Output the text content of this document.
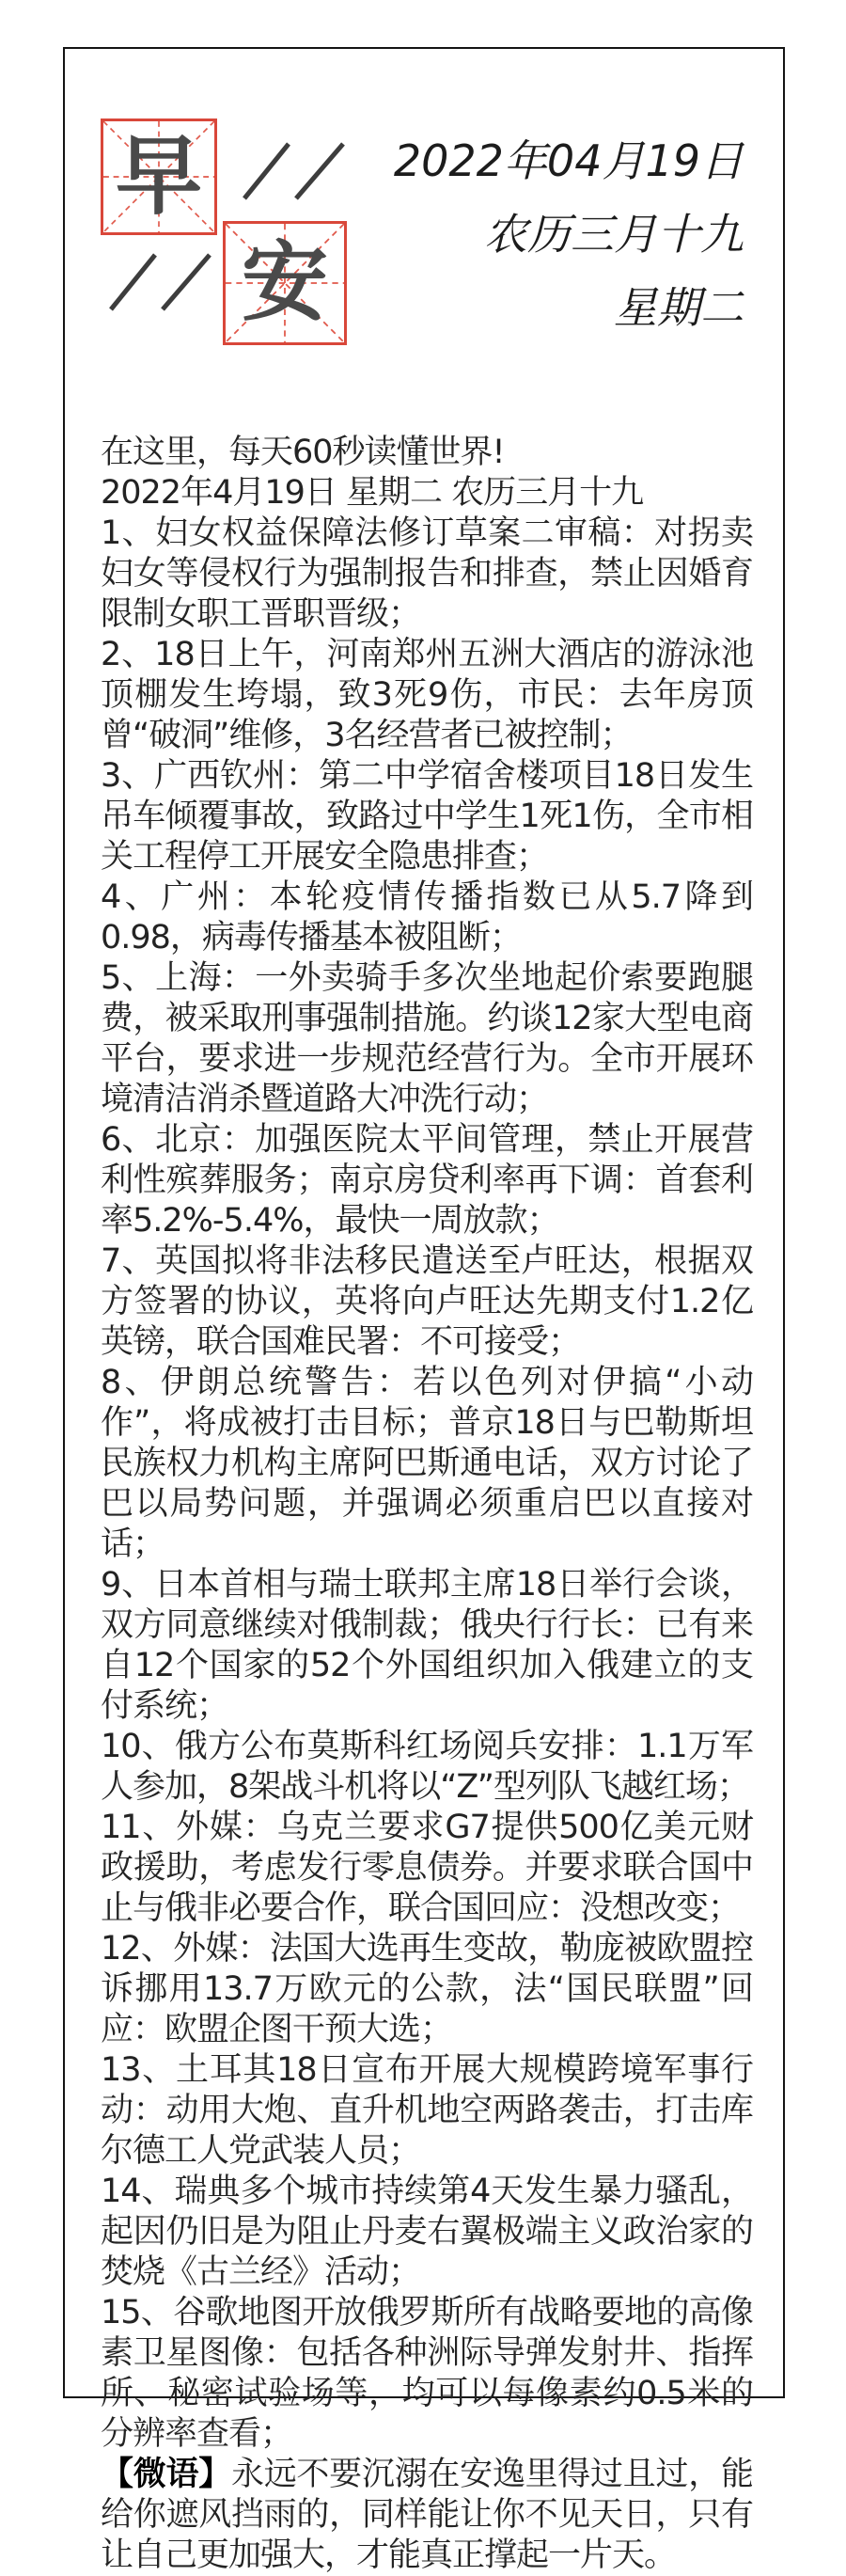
早
安
2022年04月19日
农历三月十九
星期二

在这里，每天60秒读懂世界!

2022年4月19日 星期二 农历三月十九

1、妇女权益保障法修订草案二审稿：对拐卖妇女等侵权行为强制报告和排查，禁止因婚育限制女职工晋职晋级；

2、18日上午，河南郑州五洲大酒店的游泳池顶棚发生垮塌，致3死9伤，市民：去年房顶曾“破洞”维修，3名经营者已被控制；

3、广西钦州：第二中学宿舍楼项目18日发生吊车倾覆事故，致路过中学生1死1伤，全市相关工程停工开展安全隐患排查；

4、广州：本轮疫情传播指数已从5.7降到0.98，病毒传播基本被阻断；

5、上海：一外卖骑手多次坐地起价索要跑腿费，被采取刑事强制措施。约谈12家大型电商平台，要求进一步规范经营行为。全市开展环境清洁消杀暨道路大冲洗行动；

6、北京：加强医院太平间管理，禁止开展营利性殡葬服务；南京房贷利率再下调：首套利率5.2%-5.4%，最快一周放款；

7、英国拟将非法移民遣送至卢旺达，根据双方签署的协议，英将向卢旺达先期支付1.2亿英镑，联合国难民署：不可接受；

8、伊朗总统警告：若以色列对伊搞“小动作”，将成被打击目标；普京18日与巴勒斯坦民族权力机构主席阿巴斯通电话，双方讨论了巴以局势问题，并强调必须重启巴以直接对话；

9、日本首相与瑞士联邦主席18日举行会谈，双方同意继续对俄制裁；俄央行行长：已有来自12个国家的52个外国组织加入俄建立的支付系统；

10、俄方公布莫斯科红场阅兵安排：1.1万军人参加，8架战斗机将以“Z”型列队飞越红场；

11、外媒：乌克兰要求G7提供500亿美元财政援助，考虑发行零息债券。并要求联合国中止与俄非必要合作，联合国回应：没想改变；

12、外媒：法国大选再生变故，勒庞被欧盟控诉挪用13.7万欧元的公款，法“国民联盟”回应：欧盟企图干预大选；

13、土耳其18日宣布开展大规模跨境军事行动：动用大炮、直升机地空两路袭击，打击库尔德工人党武装人员；

14、瑞典多个城市持续第4天发生暴力骚乱，起因仍旧是为阻止丹麦右翼极端主义政治家的焚烧《古兰经》活动；

15、谷歌地图开放俄罗斯所有战略要地的高像素卫星图像：包括各种洲际导弹发射井、指挥所、秘密试验场等，均可以每像素约0.5米的分辨率查看；

【微语】永远不要沉溺在安逸里得过且过，能给你遮风挡雨的，同样能让你不见天日，只有让自己更加强大，才能真正撑起一片天。
